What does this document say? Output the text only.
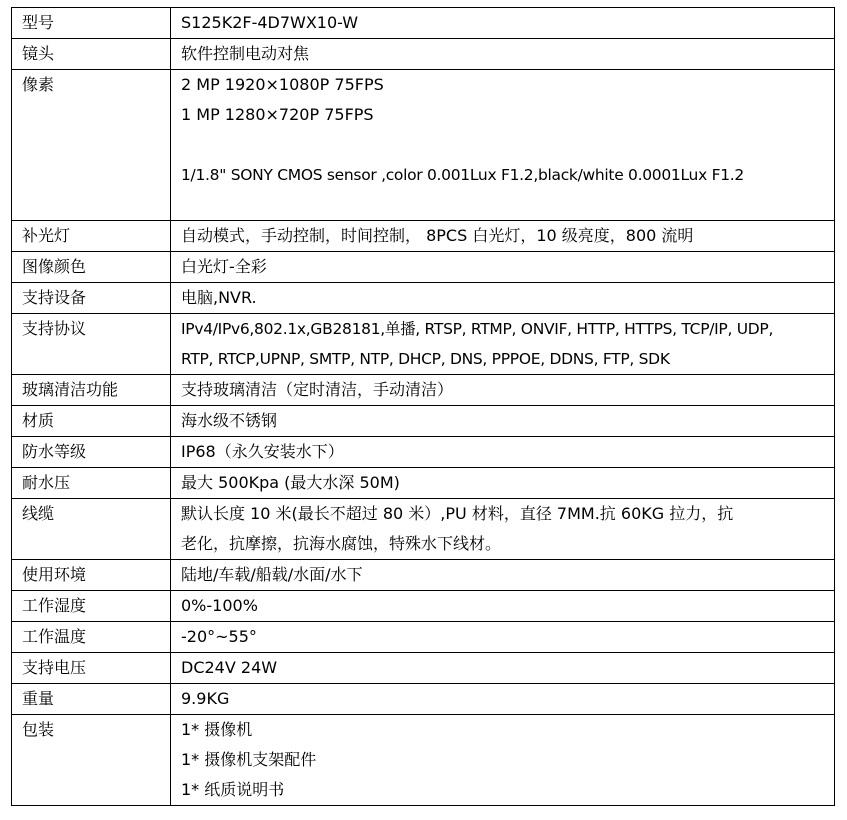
型号	S125K2F-4D7WX10-W

镜头	软件控制电动对焦

像素	2 MP 1920×1080P 75FPS
1 MP 1280×720P 75FPS
1/1.8" SONY CMOS sensor ,color 0.001Lux F1.2,black/white 0.0001Lux F1.2

补光灯	自动模式，手动控制，时间控制， 8PCS 白光灯，10 级亮度，800 流明

图像颜色	白光灯-全彩

支持设备	电脑,NVR.

支持协议	IPv4/IPv6,802.1x,GB28181,单播, RTSP, RTMP, ONVIF, HTTP, HTTPS, TCP/IP, UDP,
RTP, RTCP,UPNP, SMTP, NTP, DHCP, DNS, PPPOE, DDNS, FTP, SDK

玻璃清洁功能	支持玻璃清洁（定时清洁，手动清洁）

材质	海水级不锈钢

防水等级	IP68（永久安装水下）

耐水压	最大 500Kpa (最大水深 50M)

线缆	默认长度 10 米(最长不超过 80 米）,PU 材料，直径 7MM.抗 60KG 拉力，抗
老化，抗摩擦，抗海水腐蚀，特殊水下线材。

使用环境	陆地/车载/船载/水面/水下

工作湿度	0%-100%

工作温度	-20°~55°

支持电压	DC24V 24W

重量	9.9KG

包装	1* 摄像机
1* 摄像机支架配件
1* 纸质说明书
